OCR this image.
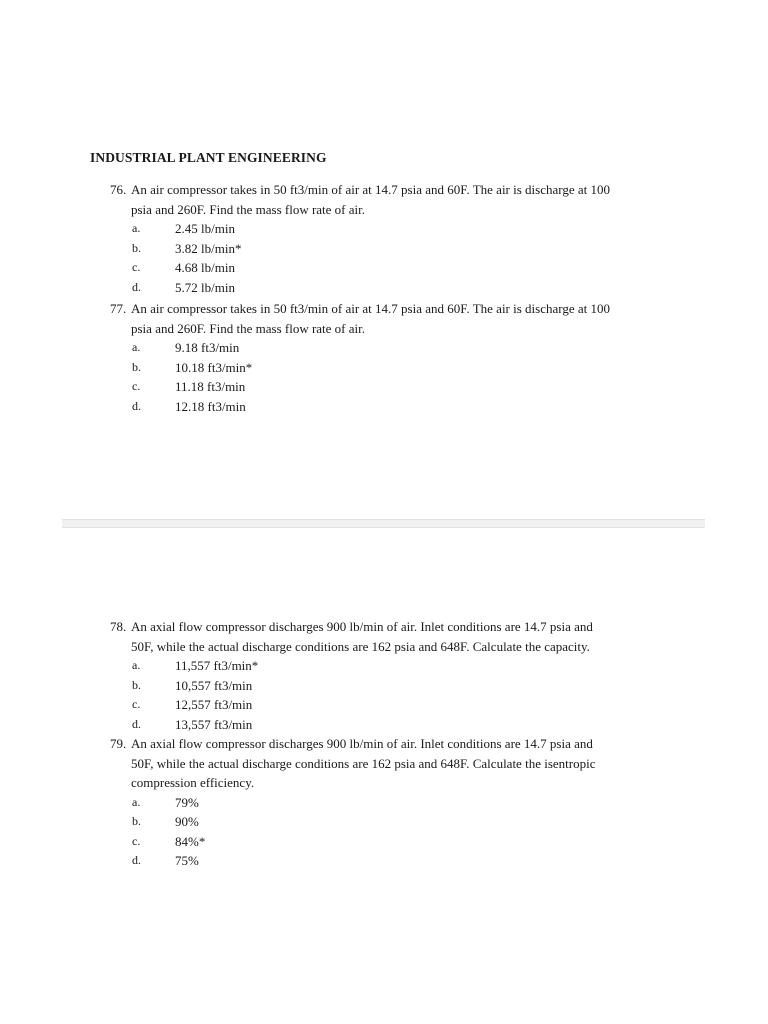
INDUSTRIAL PLANT ENGINEERING

76. An air compressor takes in 50 ft3/min of air at 14.7 psia and 60F. The air is discharge at 100
psia and 260F. Find the mass flow rate of air.

a.	2.45 lb/min
b.	3.82 lb/min*
c.	4.68 lb/min
d.	5.72 lb/min

77. An air compressor takes in 50 ft3/min of air at 14.7 psia and 60F. The air is discharge at 100
psia and 260F. Find the mass flow rate of air.

a.	9.18 ft3/min
b.	10.18 ft3/min*
c.	11.18 ft3/min
d.	12.18 ft3/min

78. An axial flow compressor discharges 900 lb/min of air. Inlet conditions are 14.7 psia and
50F, while the actual discharge conditions are 162 psia and 648F. Calculate the capacity.

a.	11,557 ft3/min*
b.	10,557 ft3/min
c.	12,557 ft3/min
d.	13,557 ft3/min

79. An axial flow compressor discharges 900 lb/min of air. Inlet conditions are 14.7 psia and
50F, while the actual discharge conditions are 162 psia and 648F. Calculate the isentropic
compression efficiency.

a.	79%
b.	90%
c.	84%*
d.	75%
